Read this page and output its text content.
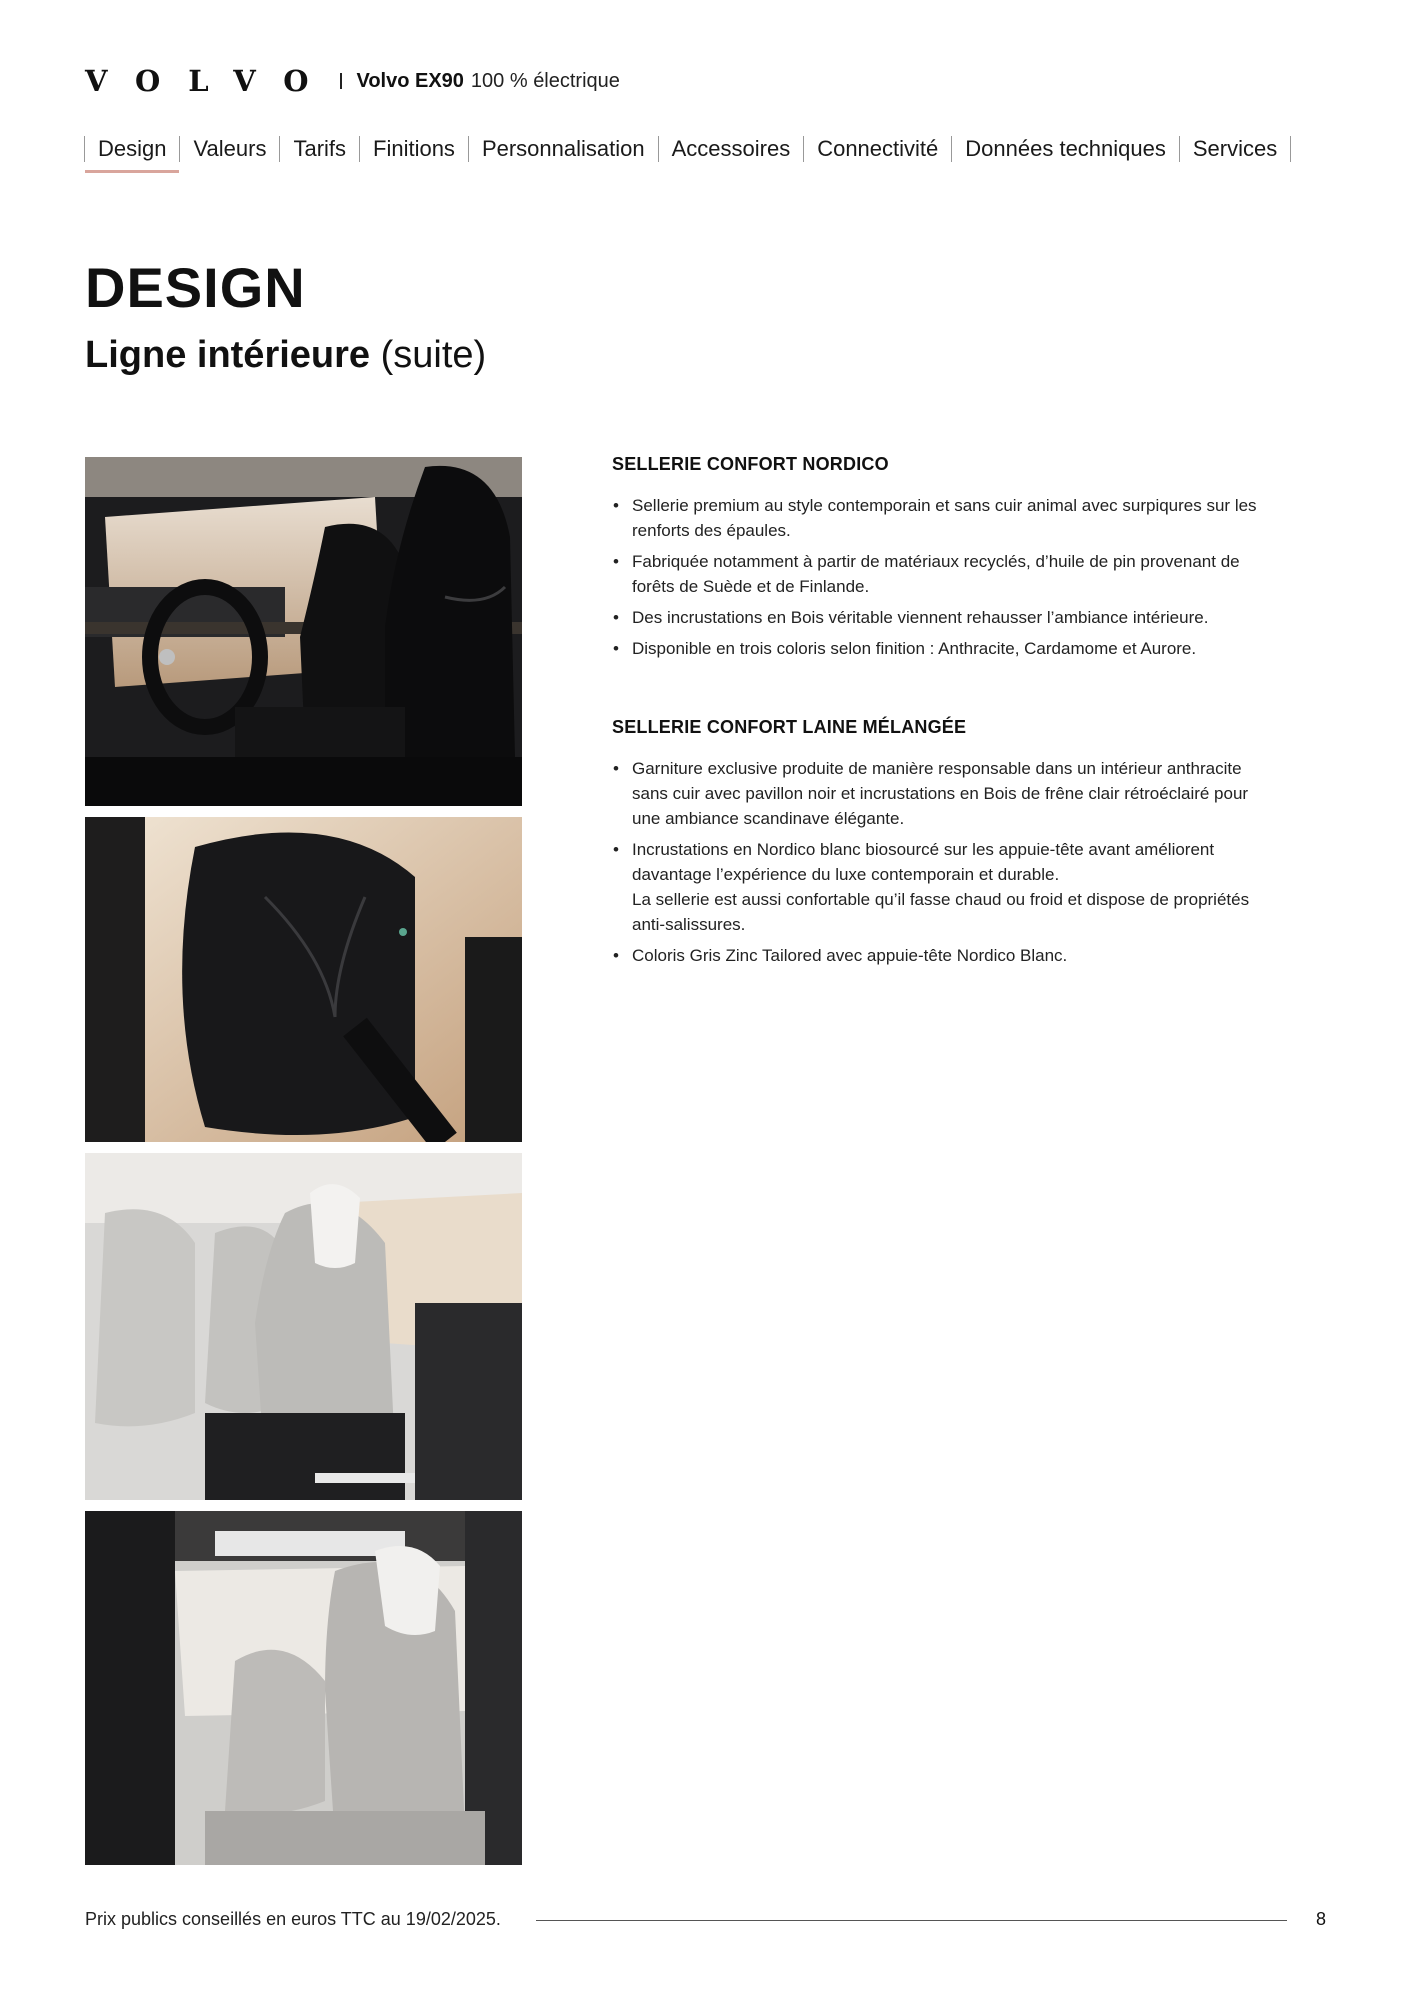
VOLVO Volvo EX90 100 % électrique
Design	Valeurs	Tarifs	Finitions	Personnalisation	Accessoires	Connectivité	Données techniques	Services
DESIGN
Ligne intérieure (suite)
SELLERIE CONFORT NORDICO
• Sellerie premium au style contemporain et sans cuir animal avec surpiqures sur les
renforts des épaules.
• Fabriquée notamment à partir de matériaux recyclés, d’huile de pin provenant de
forêts de Suède et de Finlande.
• Des incrustations en Bois véritable viennent rehausser l’ambiance intérieure.
• Disponible en trois coloris selon finition : Anthracite, Cardamome et Aurore.
SELLERIE CONFORT LAINE MÉLANGÉE
• Garniture exclusive produite de manière responsable dans un intérieur anthracite
sans cuir avec pavillon noir et incrustations en Bois de frêne clair rétroéclairé pour
une ambiance scandinave élégante.
• Incrustations en Nordico blanc biosourcé sur les appuie-tête avant améliorent
davantage l’expérience du luxe contemporain et durable.
La sellerie est aussi confortable qu’il fasse chaud ou froid et dispose de propriétés
anti-salissures.
• Coloris Gris Zinc Tailored avec appuie-tête Nordico Blanc.
Prix publics conseillés en euros TTC au 19/02/2025.	8
